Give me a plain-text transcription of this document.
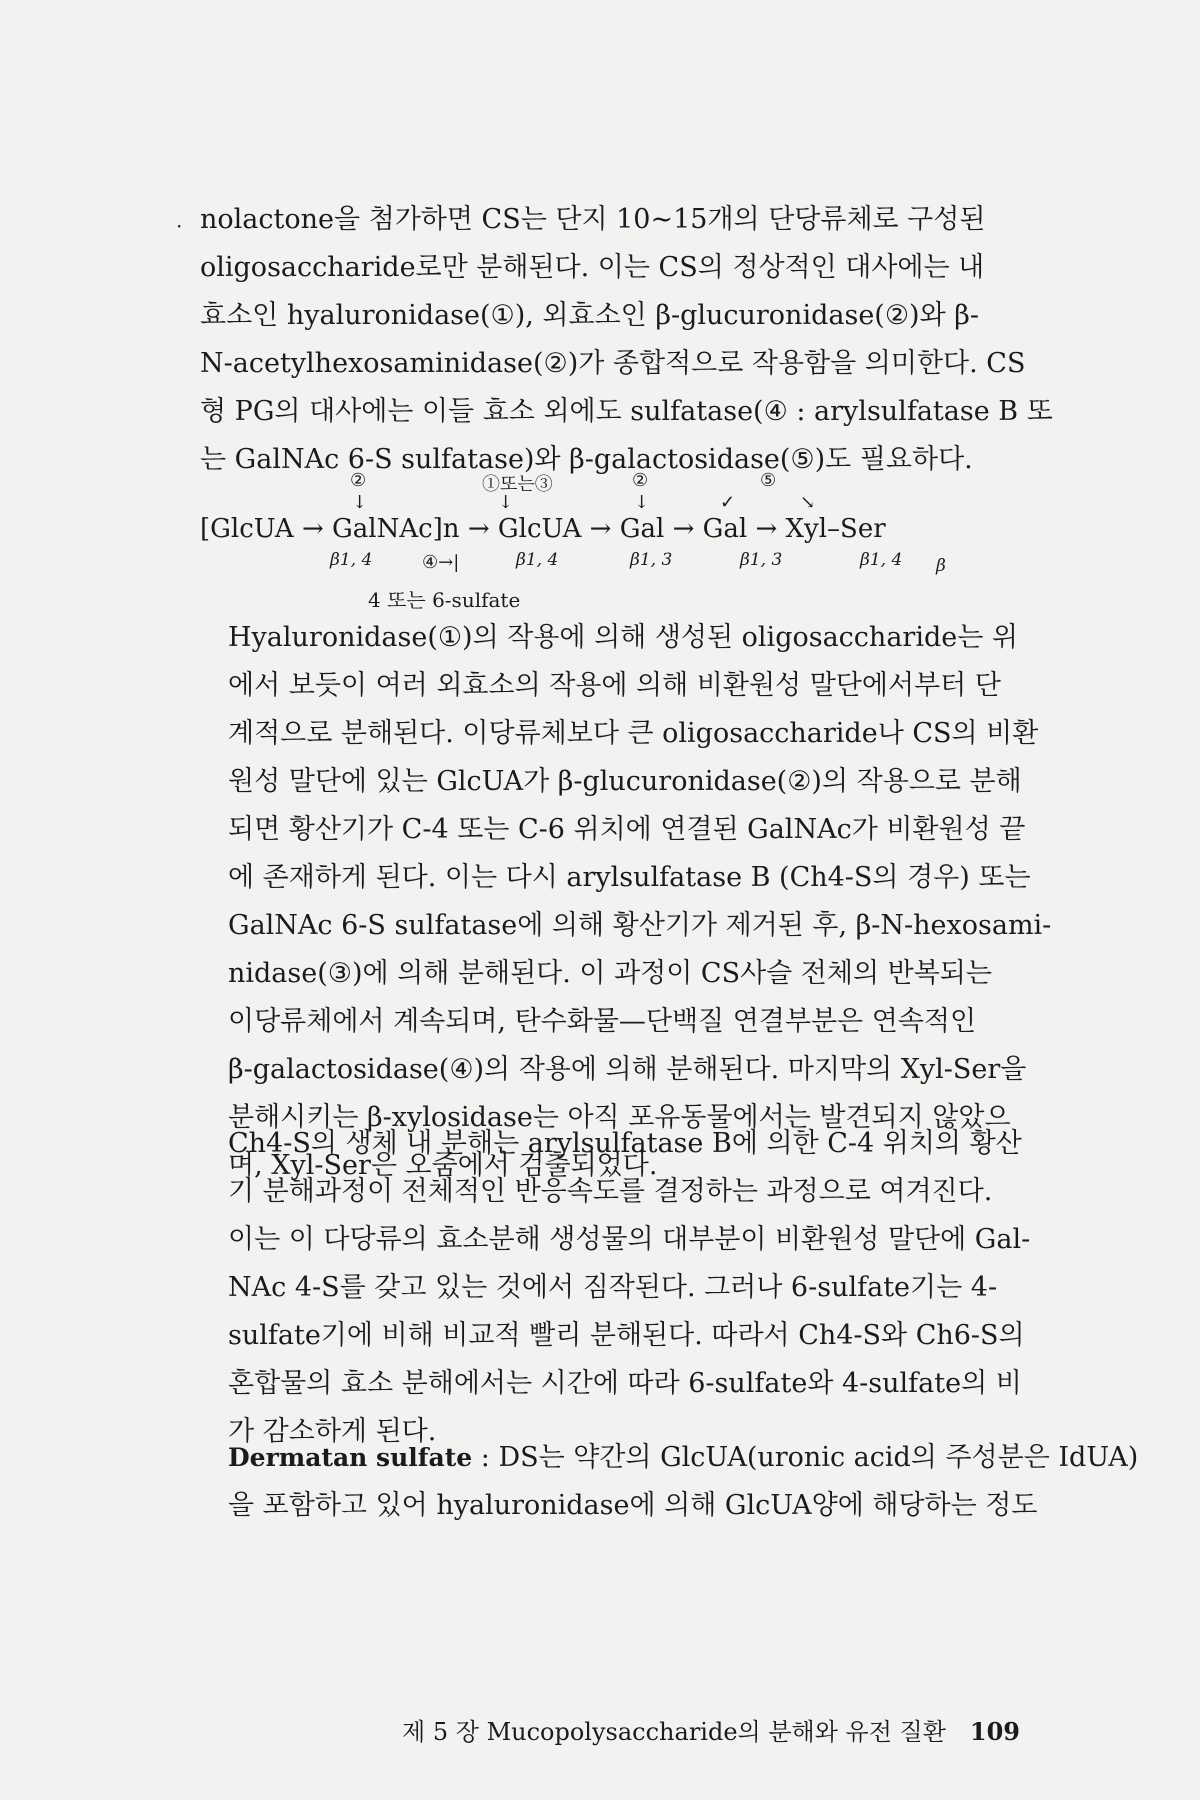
· nolactone을 첨가하면 CS는 단지 10∼15개의 단당류체로 구성된
oligosaccharide로만 분해된다. 이는 CS의 정상적인 대사에는 내
효소인 hyaluronidase(①), 외효소인 β-glucuronidase(②)와 β-
N-acetylhexosaminidase(②)가 종합적으로 작용함을 의미한다. CS
형 PG의 대사에는 이들 효소 외에도 sulfatase(④ : arylsulfatase B 또
는 GalNAc 6-S sulfatase)와 β-galactosidase(⑤)도 필요하다.
②	①또는③	②	⑤
↓	↓	↓	✓	↘
[GlcUA → GalNAc]n → GlcUA → Gal → Gal → Xyl–Ser
β1, 4	β1, 4	β1, 3	β1, 3	β1, 4 β
④→|
4 또는 6-sulfate
Hyaluronidase(①)의 작용에 의해 생성된 oligosaccharide는 위
에서 보듯이 여러 외효소의 작용에 의해 비환원성 말단에서부터 단
계적으로 분해된다. 이당류체보다 큰 oligosaccharide나 CS의 비환
원성 말단에 있는 GlcUA가 β-glucuronidase(②)의 작용으로 분해
되면 황산기가 C-4 또는 C-6 위치에 연결된 GalNAc가 비환원성 끝
에 존재하게 된다. 이는 다시 arylsulfatase B (Ch4-S의 경우) 또는
GalNAc 6-S sulfatase에 의해 황산기가 제거된 후, β-N-hexosami-
nidase(③)에 의해 분해된다. 이 과정이 CS사슬 전체의 반복되는
이당류체에서 계속되며, 탄수화물—단백질 연결부분은 연속적인
β-galactosidase(④)의 작용에 의해 분해된다. 마지막의 Xyl-Ser을
분해시키는 β-xylosidase는 아직 포유동물에서는 발견되지 않았으
며, Xyl-Ser은 오줌에서 검출되었다.
Ch4-S의 생체 내 분해는 arylsulfatase B에 의한 C-4 위치의 황산
기 분해과정이 전체적인 반응속도를 결정하는 과정으로 여겨진다.
이는 이 다당류의 효소분해 생성물의 대부분이 비환원성 말단에 Gal-
NAc 4-S를 갖고 있는 것에서 짐작된다. 그러나 6-sulfate기는 4-
sulfate기에 비해 비교적 빨리 분해된다. 따라서 Ch4-S와 Ch6-S의
혼합물의 효소 분해에서는 시간에 따라 6-sulfate와 4-sulfate의 비
가 감소하게 된다.
Dermatan sulfate : DS는 약간의 GlcUA(uronic acid의 주성분은 IdUA)
을 포함하고 있어 hyaluronidase에 의해 GlcUA양에 해당하는 정도
제 5 장 Mucopolysaccharide의 분해와 유전 질환 109
